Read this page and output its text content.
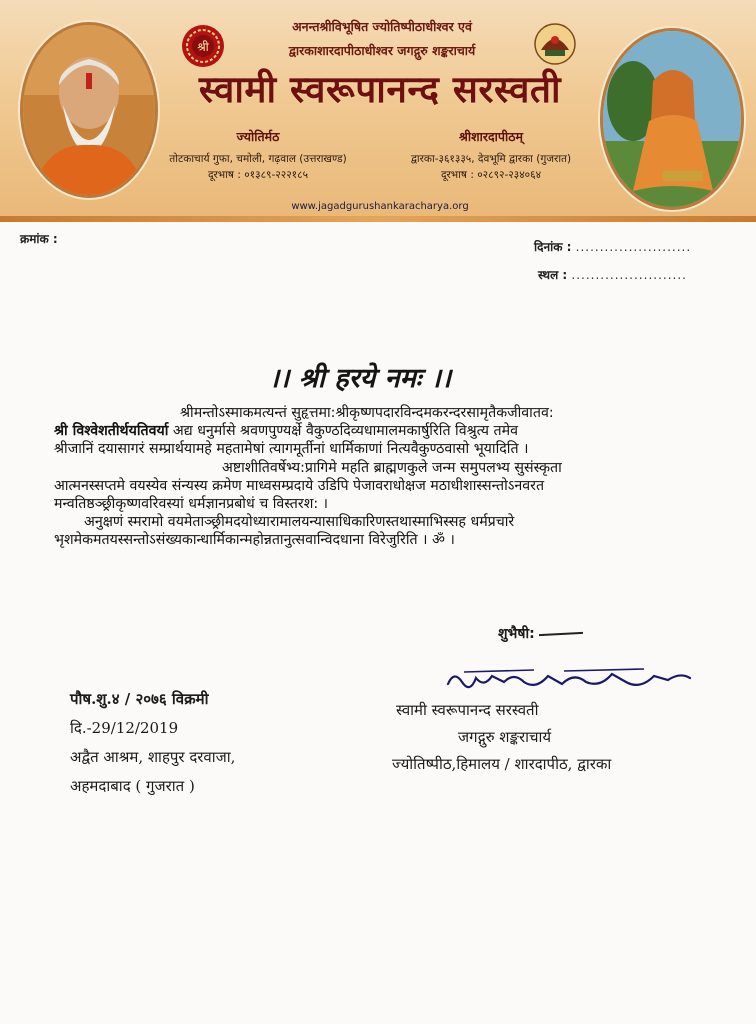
श्री
अनन्तश्रीविभूषित ज्योतिष्पीठाधीश्वर एवं
द्वारकाशारदापीठाधीश्वर जगद्गुरु शङ्कराचार्य
स्वामी स्वरूपानन्द सरस्वती
ज्योतिर्मठ
तोटकाचार्य गुफा, चमोली, गढ़वाल (उत्तराखण्ड)
दूरभाष : ०१३८९-२२२१८५
श्रीशारदापीठम्
द्वारका-३६१३३५, देवभूमि द्वारका (गुजरात)
दूरभाष : ०२८९२-२३४०६४
www.jagadgurushankaracharya.org
क्रमांक :
दिनांक : ........................
स्थल : ........................
।। श्री हरये नमः ।।

श्रीमन्तोऽस्माकमत्यन्तं सुहृत्तमा:श्रीकृष्णपदारविन्दमकरन्दरसामृतैकजीवातव:

श्री विश्वेशतीर्थयतिवर्या अद्य धनुर्मासे श्रवणपुण्यर्क्षे वैकुण्ठदिव्यधामालमकार्षुरिति विश्रुत्य तमेव

श्रीजानिं दयासागरं सम्प्रार्थयामहे महतामेषां त्यागमूर्तीनां धार्मिकाणां नित्यवैकुण्ठवासो भूयादिति ।

अष्टाशीतिवर्षेभ्य:प्रागिमे महति ब्राह्मणकुले जन्म समुपलभ्य सुसंस्कृता

आत्मनस्सप्तमे वयस्येव संन्यस्य क्रमेण माध्वसम्प्रदाये उडिपि पेजावराधोक्षज मठाधीशास्सन्तोऽनवरत

मन्वतिष्ठञ्छ्रीकृष्णवरिवस्यां धर्मज्ञानप्रबोधं च विस्तरश: ।

अनुक्षणं स्मरामो वयमेताञ्छ्रीमदयोध्यारामालयन्यासाधिकारिणस्तथास्माभिस्सह धर्मप्रचारे

भृशमेकमतयस्सन्तोऽसंख्यकान्धार्मिकान्महोन्नतानुत्सवान्विदधाना विरेजुरिति । ॐ ।

शुभैषी:
स्वामी स्वरूपानन्द सरस्वती
जगद्गुरु शङ्कराचार्य
ज्योतिष्पीठ,हिमालय / शारदापीठ, द्वारका
पौष.शु.४ / २०७६ विक्रमी
दि.-29/12/2019
अद्वैत आश्रम, शाहपुर दरवाजा,
अहमदाबाद ( गुजरात )
